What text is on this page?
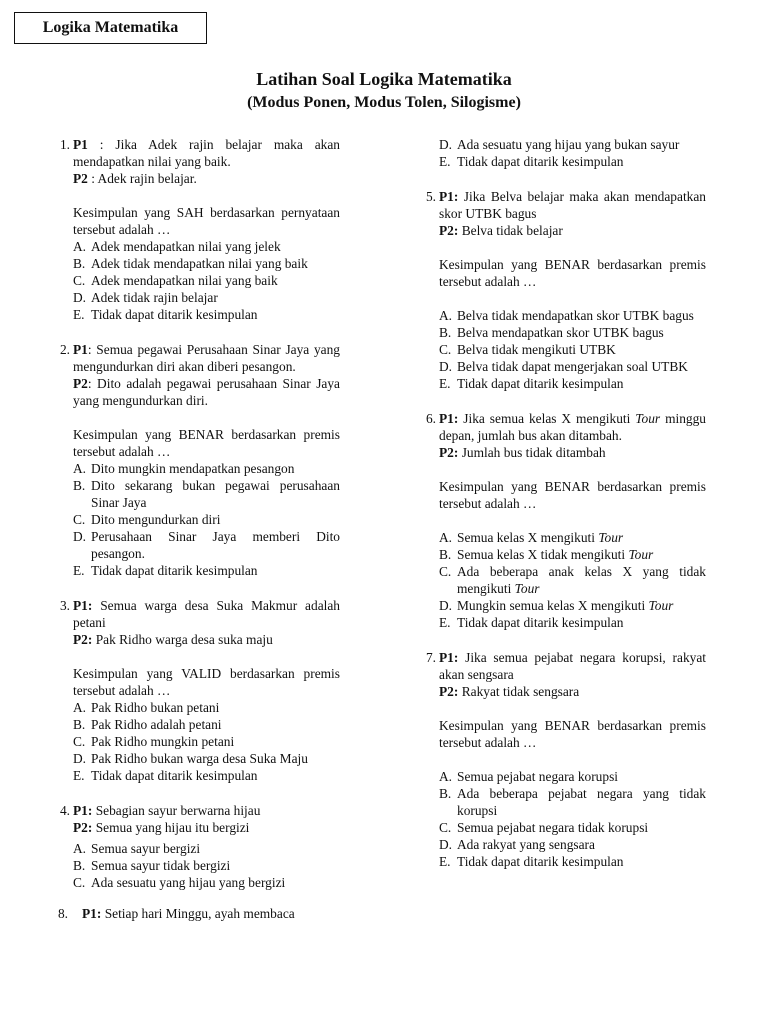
Logika Matematika
Latihan Soal Logika Matematika
(Modus Ponen, Modus Tolen, Silogisme)
1. P1 : Jika Adek rajin belajar maka akan mendapatkan nilai yang baik.
P2 : Adek rajin belajar.
Kesimpulan yang SAH berdasarkan pernyataan tersebut adalah …
A. Adek mendapatkan nilai yang jelek
B. Adek tidak mendapatkan nilai yang baik
C. Adek mendapatkan nilai yang baik
D. Adek tidak rajin belajar
E. Tidak dapat ditarik kesimpulan
2. P1: Semua pegawai Perusahaan Sinar Jaya yang mengundurkan diri akan diberi pesangon.
P2: Dito adalah pegawai perusahaan Sinar Jaya yang mengundurkan diri.
Kesimpulan yang BENAR berdasarkan premis tersebut adalah …
A. Dito mungkin mendapatkan pesangon
B. Dito sekarang bukan pegawai perusahaan Sinar Jaya
C. Dito mengundurkan diri
D. Perusahaan Sinar Jaya memberi Dito pesangon.
E. Tidak dapat ditarik kesimpulan
3. P1: Semua warga desa Suka Makmur adalah petani
P2: Pak Ridho warga desa suka maju
Kesimpulan yang VALID berdasarkan premis tersebut adalah …
A. Pak Ridho bukan petani
B. Pak Ridho adalah petani
C. Pak Ridho mungkin petani
D. Pak Ridho bukan warga desa Suka Maju
E. Tidak dapat ditarik kesimpulan
4. P1: Sebagian sayur berwarna hijau
P2: Semua yang hijau itu bergizi
A. Semua sayur bergizi
B. Semua sayur tidak bergizi
C. Ada sesuatu yang hijau yang bergizi
8. P1: Setiap hari Minggu, ayah membaca
D. Ada sesuatu yang hijau yang bukan sayur
E. Tidak dapat ditarik kesimpulan
5. P1: Jika Belva belajar maka akan mendapatkan skor UTBK bagus
P2: Belva tidak belajar
Kesimpulan yang BENAR berdasarkan premis tersebut adalah …
A. Belva tidak mendapatkan skor UTBK bagus
B. Belva mendapatkan skor UTBK bagus
C. Belva tidak mengikuti UTBK
D. Belva tidak dapat mengerjakan soal UTBK
E. Tidak dapat ditarik kesimpulan
6. P1: Jika semua kelas X mengikuti Tour minggu depan, jumlah bus akan ditambah.
P2: Jumlah bus tidak ditambah
Kesimpulan yang BENAR berdasarkan premis tersebut adalah …
A. Semua kelas X mengikuti Tour
B. Semua kelas X tidak mengikuti Tour
C. Ada beberapa anak kelas X yang tidak mengikuti Tour
D. Mungkin semua kelas X mengikuti Tour
E. Tidak dapat ditarik kesimpulan
7. P1: Jika semua pejabat negara korupsi, rakyat akan sengsara
P2: Rakyat tidak sengsara
Kesimpulan yang BENAR berdasarkan premis tersebut adalah …
A. Semua pejabat negara korupsi
B. Ada beberapa pejabat negara yang tidak korupsi
C. Semua pejabat negara tidak korupsi
D. Ada rakyat yang sengsara
E. Tidak dapat ditarik kesimpulan
